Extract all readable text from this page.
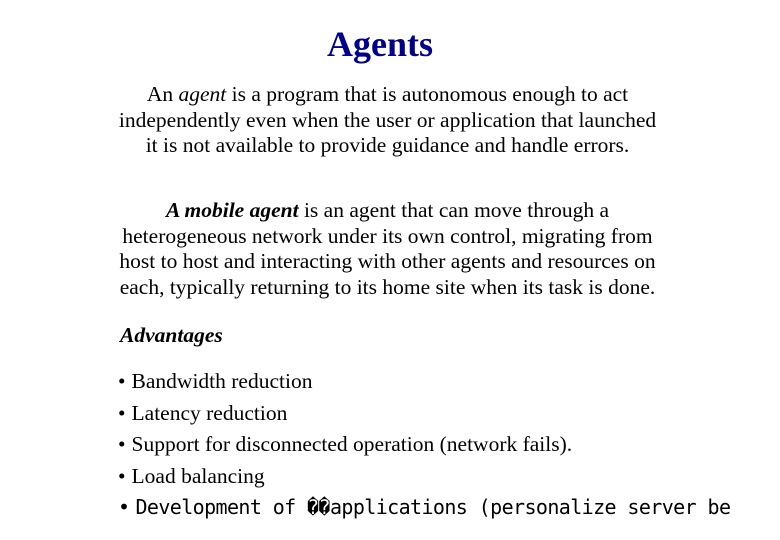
Agents
An agent is a program that is autonomous enough to act
independently even when the user or application that launched
it is not available to provide guidance and handle errors.
A mobile agent is an agent that can move through a
heterogeneous network under its own control, migrating from
host to host and interacting with other agents and resources on
each, typically returning to its home site when its task is done.
Advantages
• Bandwidth reduction
• Latency reduction
• Support for disconnected operation (network fails).
• Load balancing
• Development of ��applications (personalize server be
